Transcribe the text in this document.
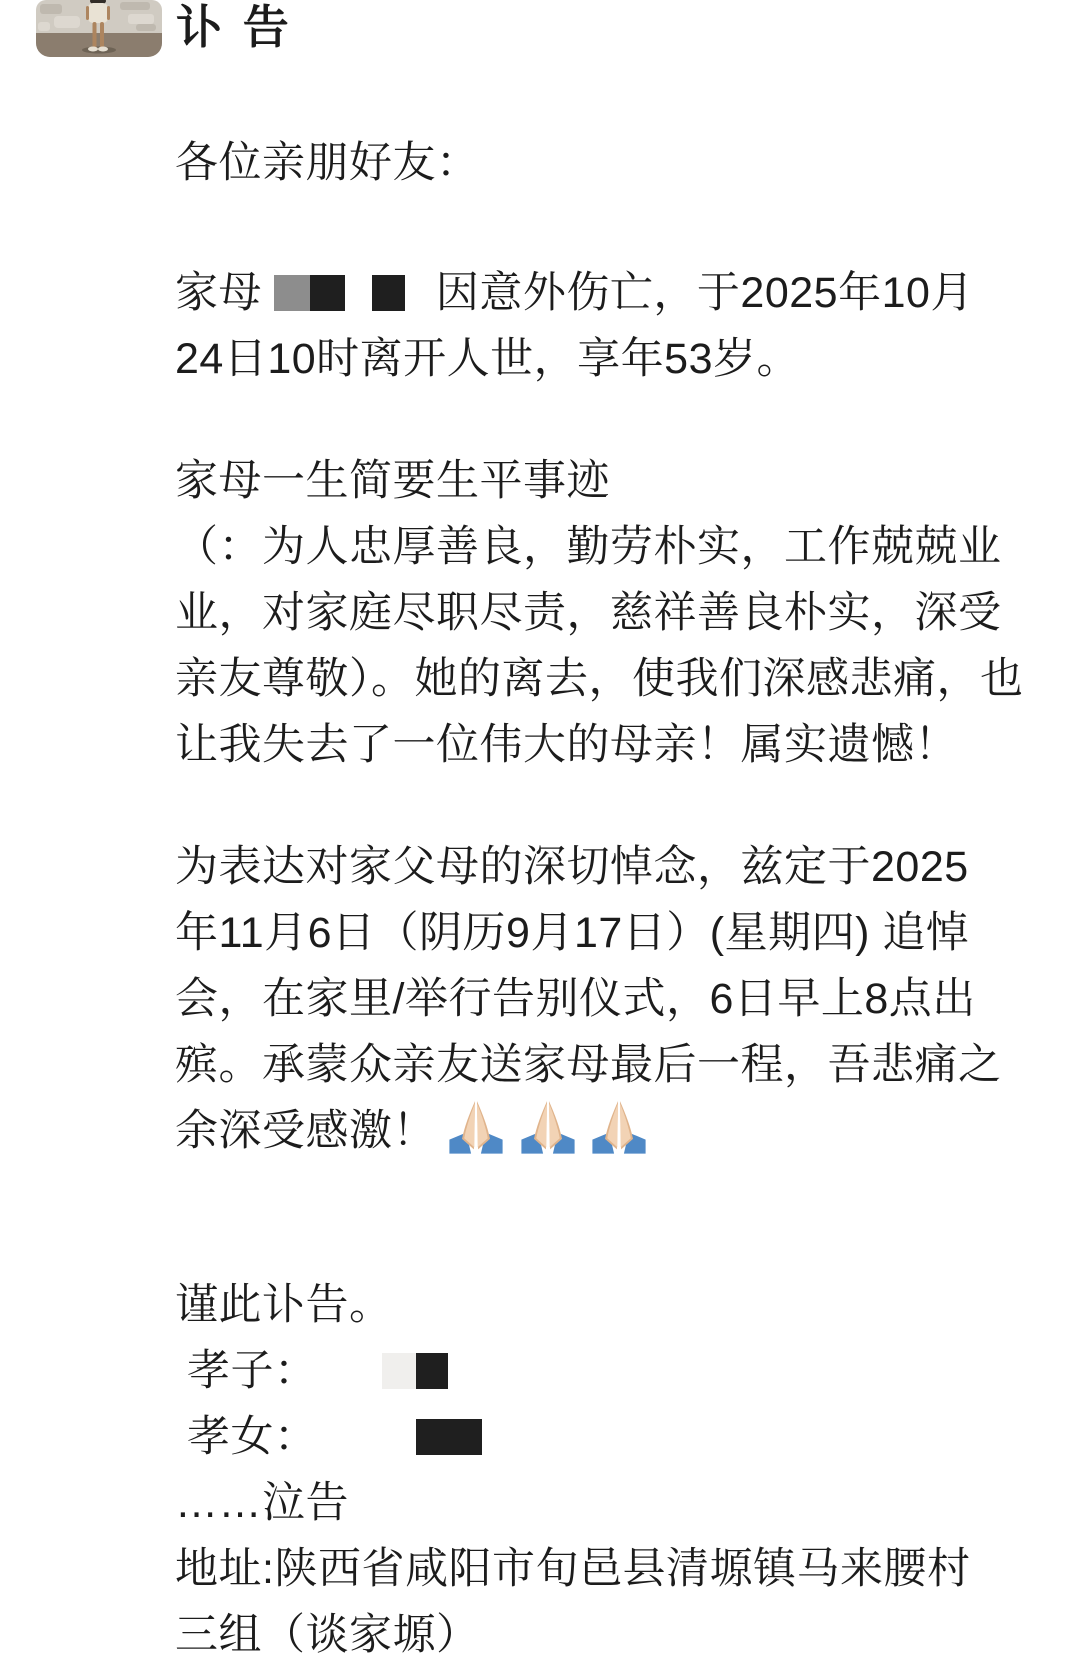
讣 告
各位亲朋好友：
家母	因意外伤亡，于2025年10月
24日10时离开人世，享年53岁。
家母一生简要生平事迹
（：为人忠厚善良，勤劳朴实，工作兢兢业
业，对家庭尽职尽责，慈祥善良朴实，深受
亲友尊敬）。她的离去，使我们深感悲痛，也
让我失去了一位伟大的母亲！属实遗憾！
为表达对家父母的深切悼念，兹定于2025
年11月6日（阴历9月17日）(星期四) 追悼
会，在家里/举行告别仪式，6日早上8点出
殡。承蒙众亲友送家母最后一程，吾悲痛之
余深受感激！
谨此讣告。
孝子：
孝女：
……泣告
地址:陕西省咸阳市旬邑县清塬镇马来腰村
三组（谈家塬）
